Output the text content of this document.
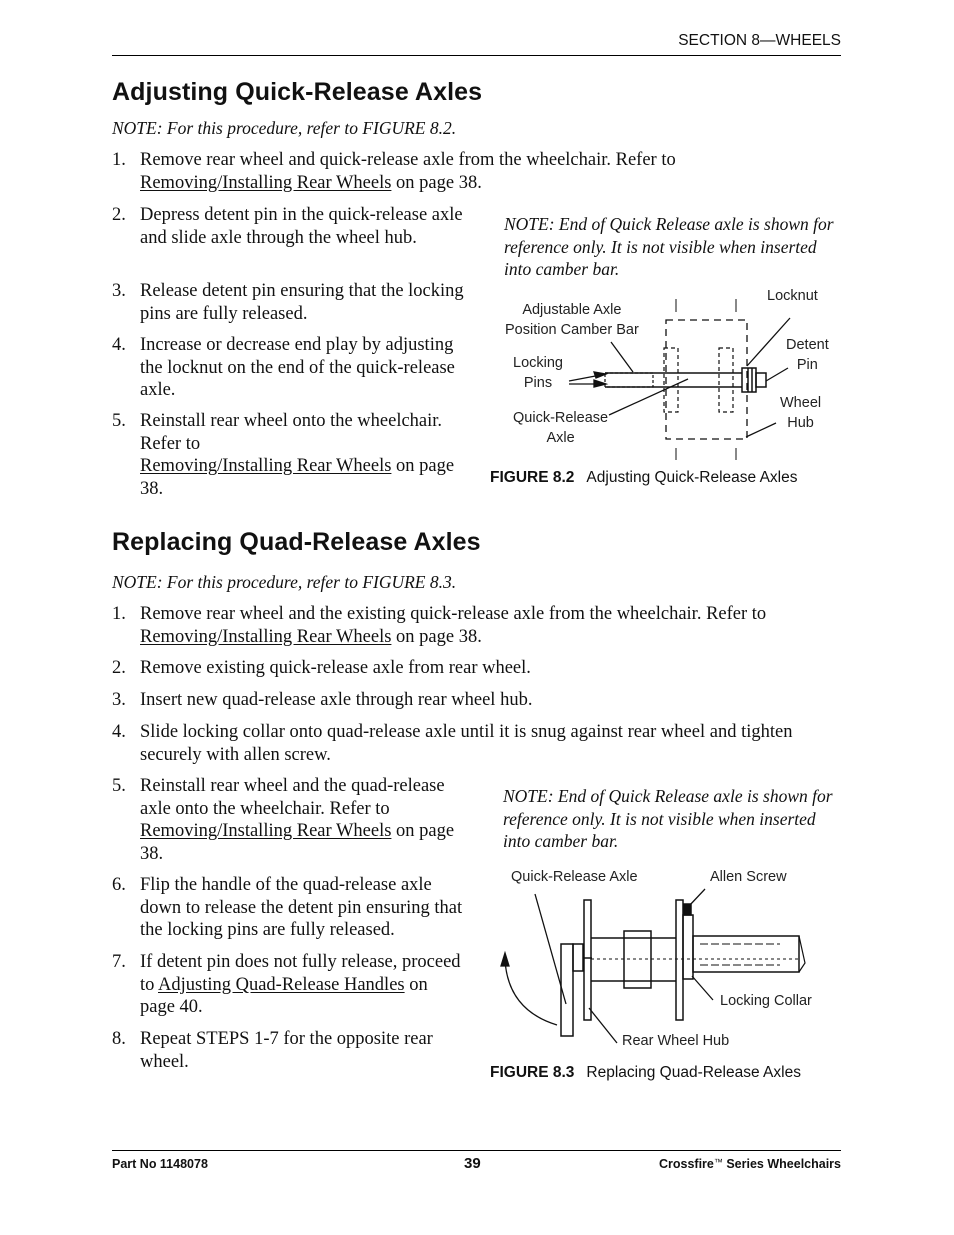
SECTION 8—WHEELS
Adjusting Quick-Release Axles
NOTE: For this procedure, refer to FIGURE 8.2.
1. Remove rear wheel and quick-release axle from the wheelchair. Refer to
Removing/Installing Rear Wheels on page 38.
2. Depress detent pin in the quick-release axle and slide axle through the wheel hub.
3. Release detent pin ensuring that the locking pins are fully released.
4. Increase or decrease end play by adjusting the locknut on the end of the quick-release axle.
5. Reinstall rear wheel onto the wheelchair. Refer to
Removing/Installing Rear Wheels on page 38.
NOTE: End of Quick Release axle is shown for reference only. It is not visible when inserted into camber bar.
Adjustable Axle
Position Camber Bar
Locknut
Detent
Pin
Locking
Pins
Wheel
Hub
Quick-Release
Axle
FIGURE 8.2 Adjusting Quick-Release Axles
Replacing Quad-Release Axles
NOTE: For this procedure, refer to FIGURE 8.3.
1. Remove rear wheel and the existing quick-release axle from the wheelchair. Refer to
Removing/Installing Rear Wheels on page 38.
2. Remove existing quick-release axle from rear wheel.
3. Insert new quad-release axle through rear wheel hub.
4. Slide locking collar onto quad-release axle until it is snug against rear wheel and tighten securely with allen screw.
5. Reinstall rear wheel and the quad-release axle onto the wheelchair. Refer to Removing/Installing Rear Wheels on page 38.
6. Flip the handle of the quad-release axle down to release the detent pin ensuring that the locking pins are fully released.
7. If detent pin does not fully release, proceed to Adjusting Quad-Release Handles on page 40.
8. Repeat STEPS 1-7 for the opposite rear wheel.
NOTE: End of Quick Release axle is shown for reference only. It is not visible when inserted into camber bar.
Quick-Release Axle	Allen Screw
Locking Collar
Rear Wheel Hub
FIGURE 8.3 Replacing Quad-Release Axles
Part No 1148078	39	Crossfire™ Series Wheelchairs
